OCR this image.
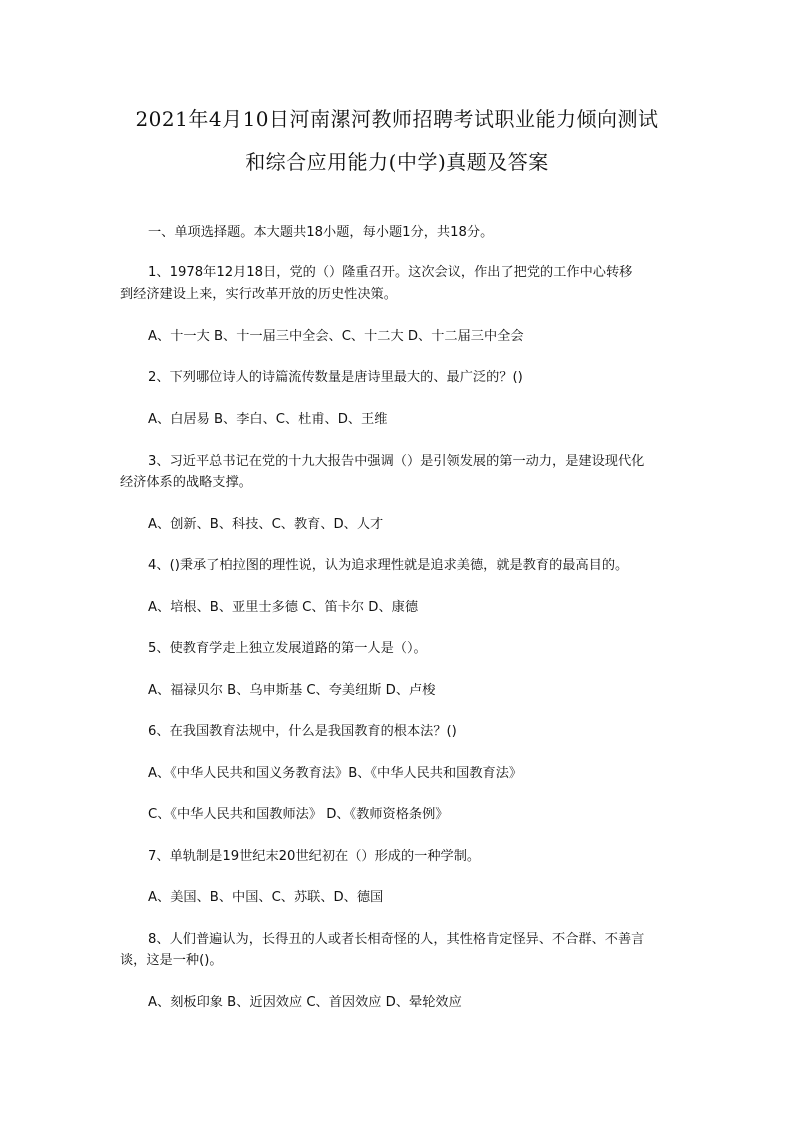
2021年4月10日河南漯河教师招聘考试职业能力倾向测试
和综合应用能力(中学)真题及答案
一、单项选择题。本大题共18小题，每小题1分，共18分。
1、1978年12月18日，党的（）隆重召开。这次会议，作出了把党的工作中心转移
到经济建设上来，实行改革开放的历史性决策。
A、十一大 B、十一届三中全会、C、十二大 D、十二届三中全会
2、下列哪位诗人的诗篇流传数量是唐诗里最大的、最广泛的？()
A、白居易 B、李白、C、杜甫、D、王维
3、习近平总书记在党的十九大报告中强调（）是引领发展的第一动力，是建设现代化
经济体系的战略支撑。
A、创新、B、科技、C、教育、D、人才
4、()秉承了柏拉图的理性说，认为追求理性就是追求美德，就是教育的最高目的。
A、培根、B、亚里士多德 C、笛卡尔 D、康德
5、使教育学走上独立发展道路的第一人是（）。
A、福禄贝尔 B、乌申斯基 C、夸美纽斯 D、卢梭
6、在我国教育法规中，什么是我国教育的根本法？()
A、《中华人民共和国义务教育法》B、《中华人民共和国教育法》
C、《中华人民共和国教师法》 D、《教师资格条例》
7、单轨制是19世纪末20世纪初在（）形成的一种学制。
A、美国、B、中国、C、苏联、D、德国
8、人们普遍认为，长得丑的人或者长相奇怪的人，其性格肯定怪异、不合群、不善言
谈，这是一种()。
A、刻板印象 B、近因效应 C、首因效应 D、晕轮效应
